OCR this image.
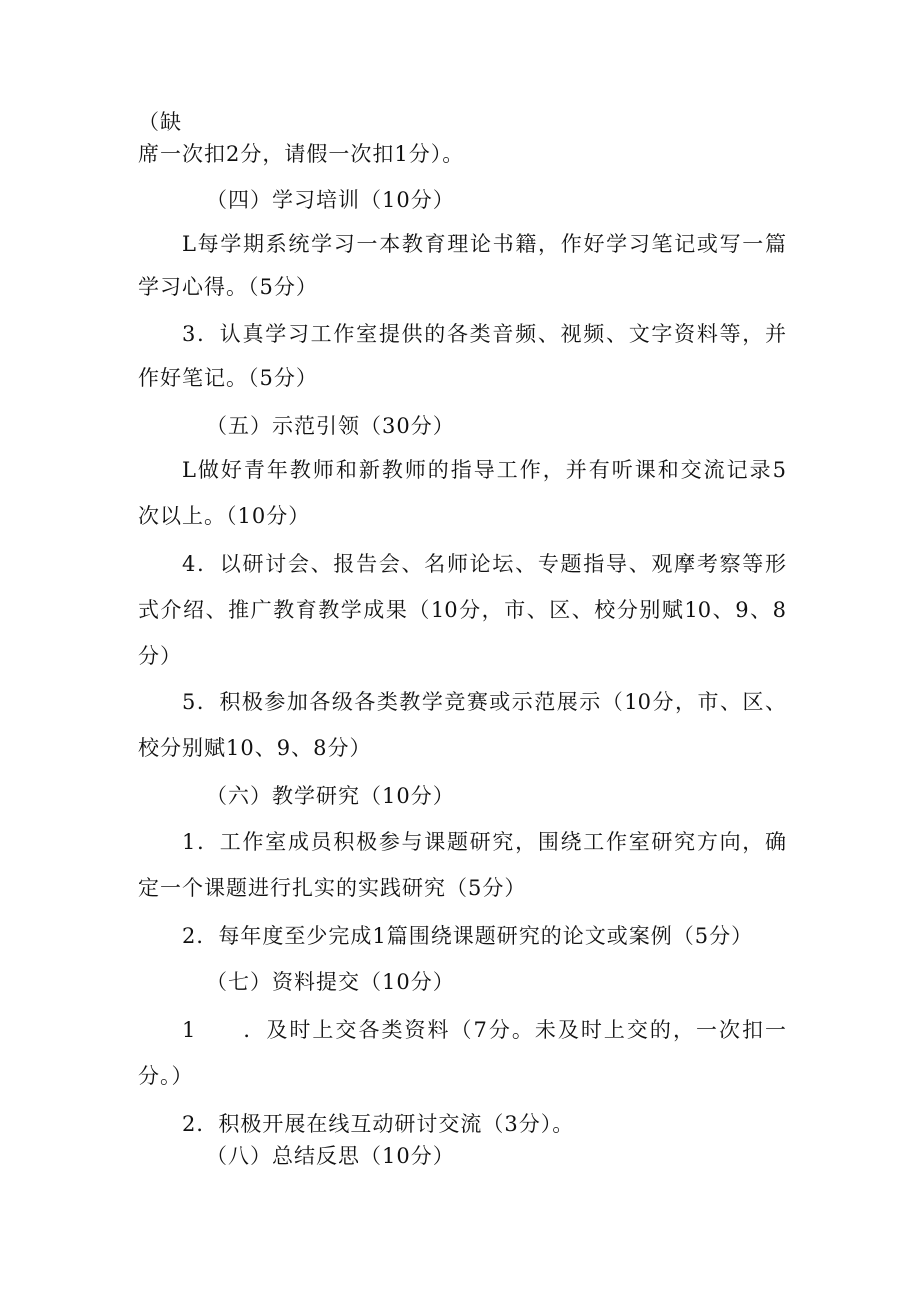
（缺
席一次扣2分，请假一次扣1分）。
（四）学习培训（10分）
L每学期系统学习一本教育理论书籍，作好学习笔记或写一篇
学习心得。（5分）
3．认真学习工作室提供的各类音频、视频、文字资料等，并
作好笔记。（5分）
（五）示范引领（30分）
L做好青年教师和新教师的指导工作，并有听课和交流记录5
次以上。（10分）
4．以研讨会、报告会、名师论坛、专题指导、观摩考察等形
式介绍、推广教育教学成果（10分，市、区、校分别赋10、9、8
分）
5．积极参加各级各类教学竞赛或示范展示（10分，市、区、
校分别赋10、9、8分）
（六）教学研究（10分）
1．工作室成员积极参与课题研究，围绕工作室研究方向，确
定一个课题进行扎实的实践研究（5分）
2．每年度至少完成1篇围绕课题研究的论文或案例（5分）
（七）资料提交（10分）
1　　．及时上交各类资料（7分。未及时上交的，一次扣一
分。）
2．积极开展在线互动研讨交流（3分）。
（八）总结反思（10分）
